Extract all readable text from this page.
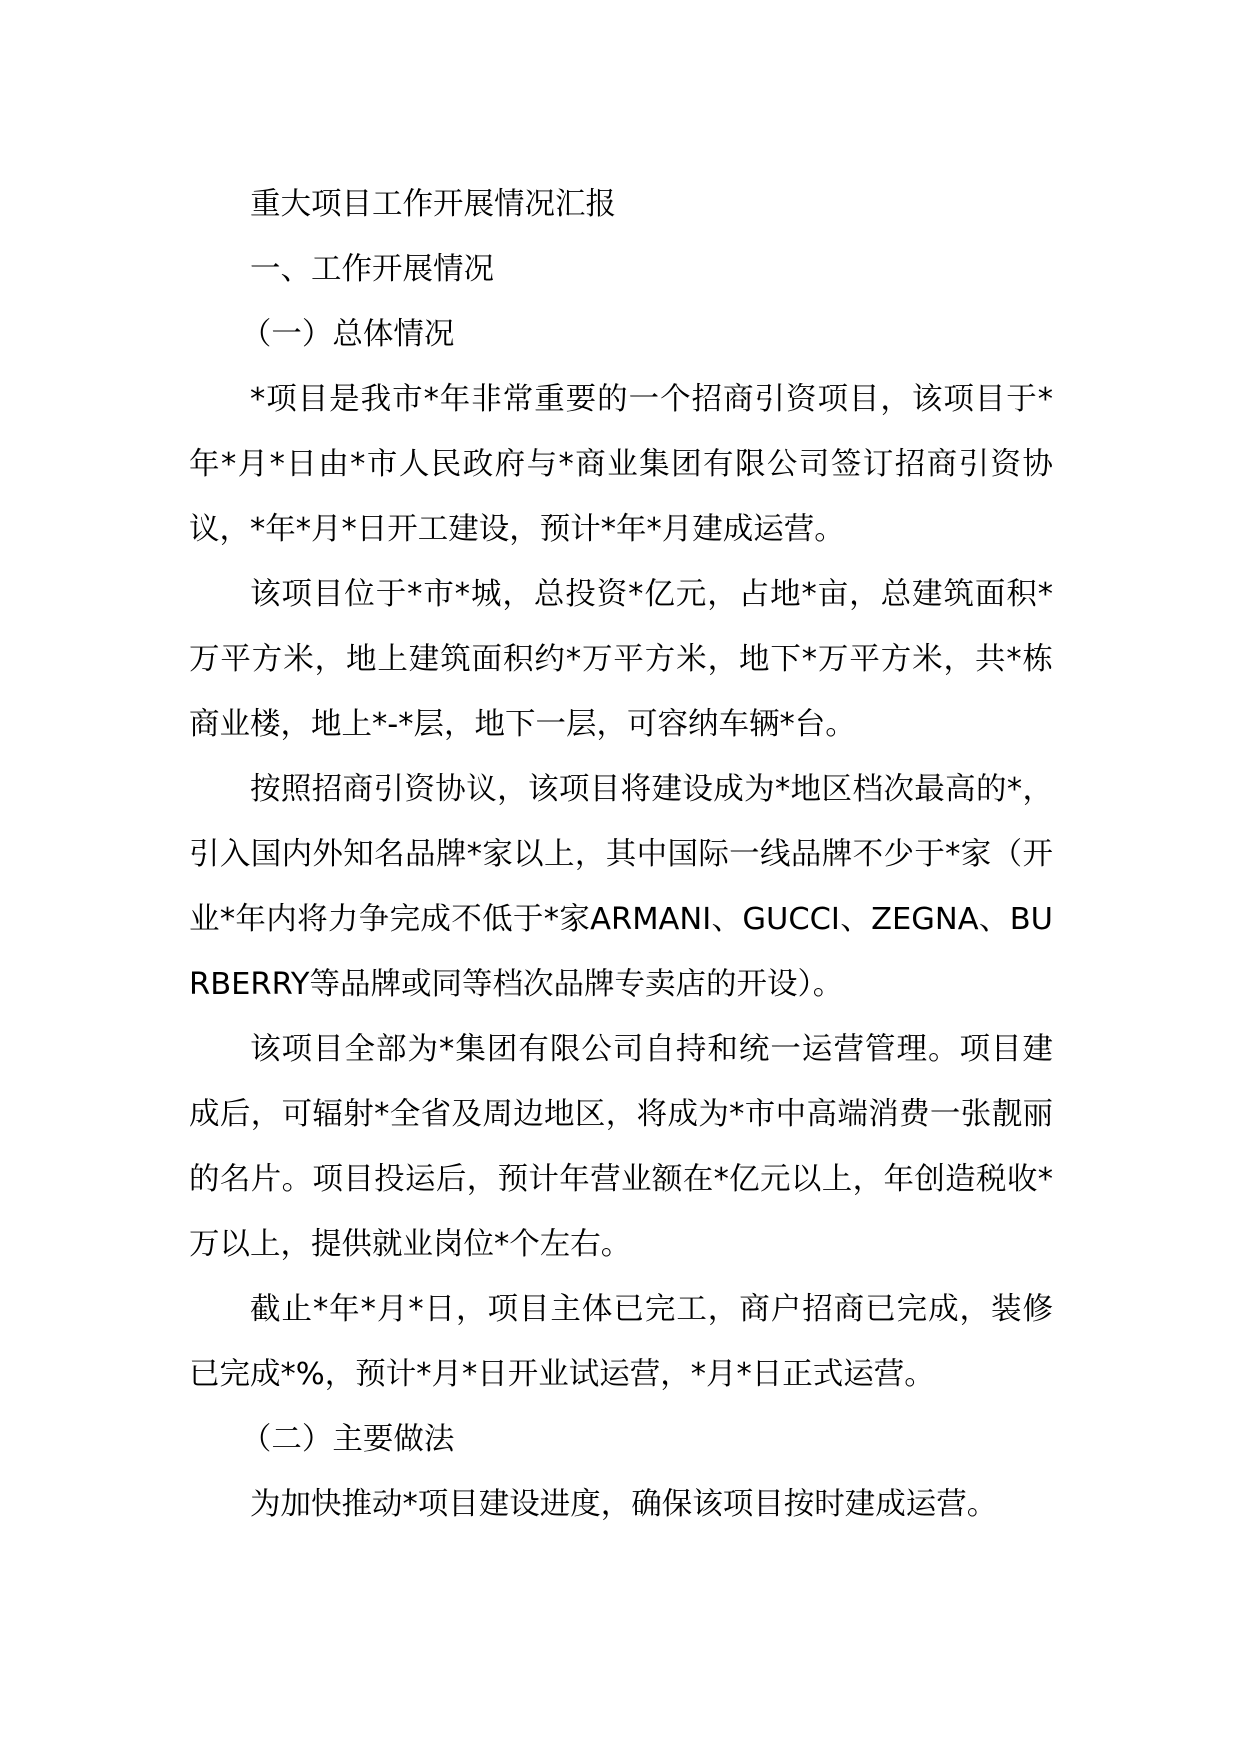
重大项目工作开展情况汇报

一、工作开展情况

（一）总体情况

*项目是我市*年非常重要的一个招商引资项目，该项目于*年*月*日由*市人民政府与*商业集团有限公司签订招商引资协议，*年*月*日开工建设，预计*年*月建成运营。

该项目位于*市*城，总投资*亿元，占地*亩，总建筑面积*万平方米，地上建筑面积约*万平方米，地下*万平方米，共*栋商业楼，地上*-*层，地下一层，可容纳车辆*台。

按照招商引资协议，该项目将建设成为*地区档次最高的*，引入国内外知名品牌*家以上，其中国际一线品牌不少于*家（开业*年内将力争完成不低于*家ARMANI、GUCCI、ZEGNA、BURBERRY等品牌或同等档次品牌专卖店的开设）。

该项目全部为*集团有限公司自持和统一运营管理。项目建成后，可辐射*全省及周边地区，将成为*市中高端消费一张靓丽的名片。项目投运后，预计年营业额在*亿元以上，年创造税收*万以上，提供就业岗位*个左右。

截止*年*月*日，项目主体已完工，商户招商已完成，装修已完成*%，预计*月*日开业试运营，*月*日正式运营。

（二）主要做法

为加快推动*项目建设进度，确保该项目按时建成运营。
